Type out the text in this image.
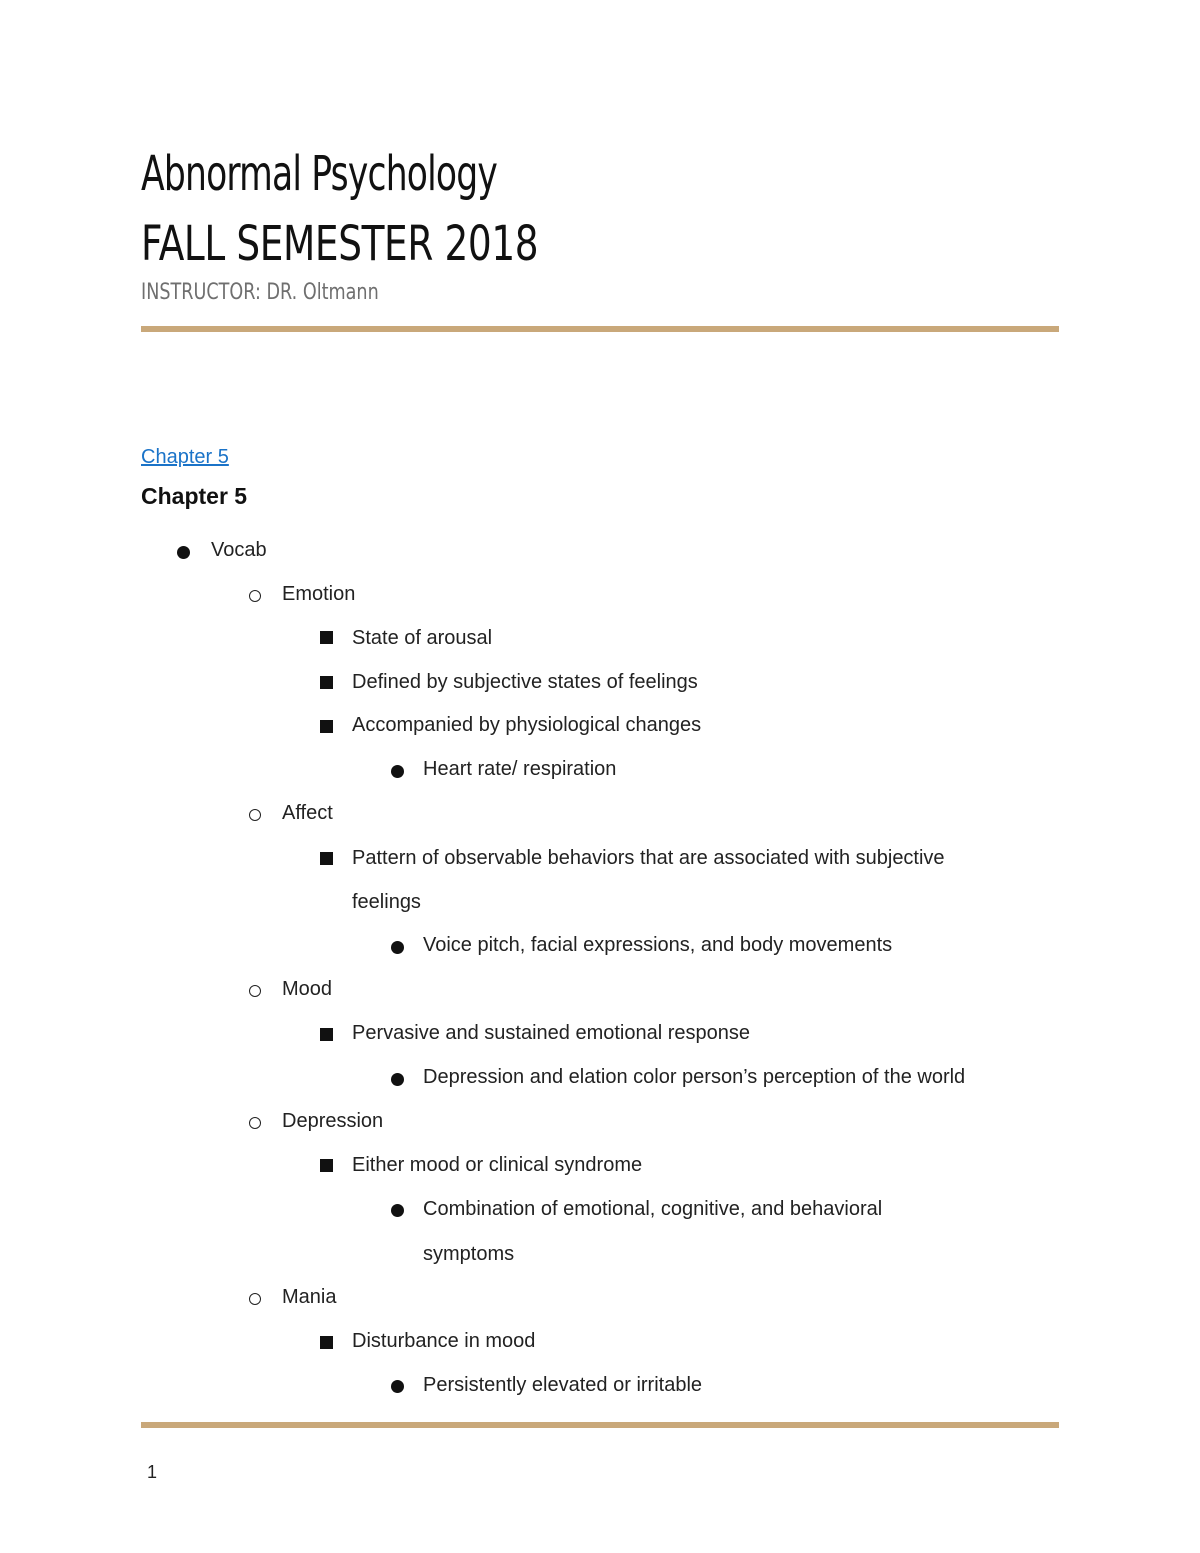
Abnormal Psychology
FALL SEMESTER 2018
INSTRUCTOR: DR. Oltmann
Chapter 5
Chapter 5
Vocab
Emotion
State of arousal
Defined by subjective states of feelings
Accompanied by physiological changes
Heart rate/ respiration
Affect
Pattern of observable behaviors that are associated with subjective
feelings
Voice pitch, facial expressions, and body movements
Mood
Pervasive and sustained emotional response
Depression and elation color person’s perception of the world
Depression
Either mood or clinical syndrome
Combination of emotional, cognitive, and behavioral
symptoms
Mania
Disturbance in mood
Persistently elevated or irritable
1
